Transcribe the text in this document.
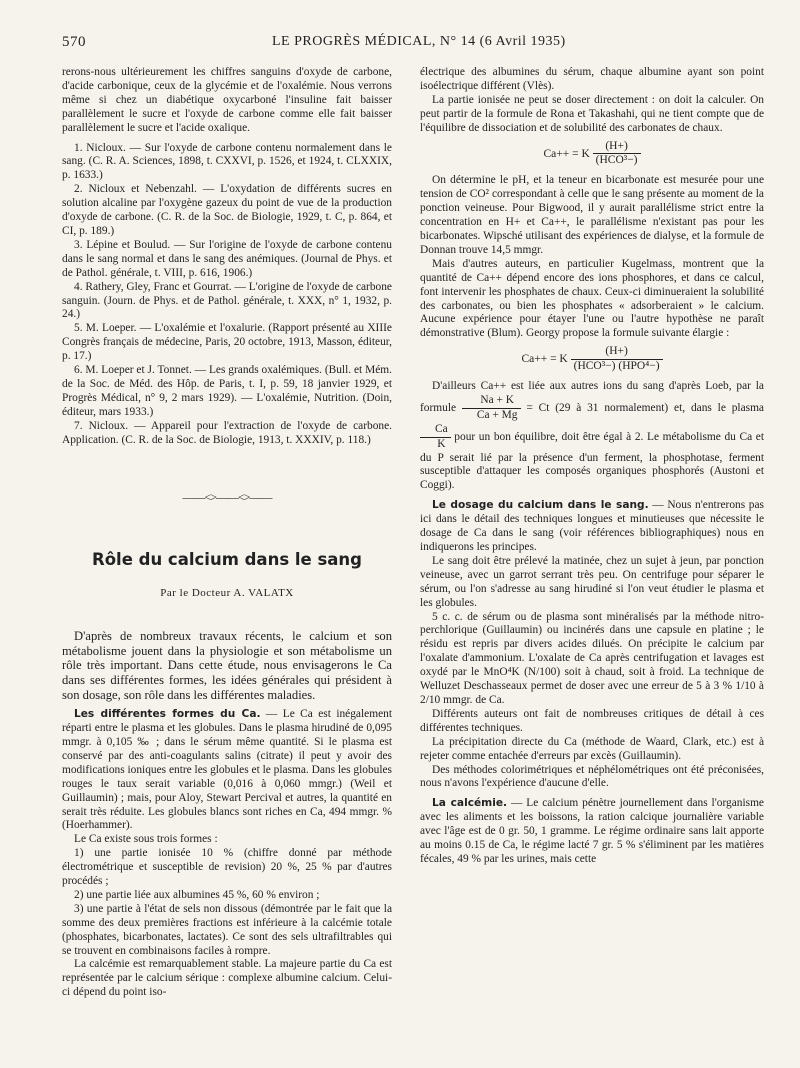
570	LE PROGRÈS MÉDICAL, N° 14 (6 Avril 1935)

rerons-nous ultérieurement les chiffres sanguins d'oxyde de carbone, d'acide carbonique, ceux de la glycémie et de l'oxalémie. Nous verrons même si chez un diabétique oxycarboné l'insuline fait baisser parallèlement le sucre et l'oxyde de carbone comme elle fait baisser parallèlement le sucre et l'acide oxalique.

1. Nicloux. — Sur l'oxyde de carbone contenu normalement dans le sang. (C. R. A. Sciences, 1898, t. CXXVI, p. 1526, et 1924, t. CLXXIX, p. 1633.)

2. Nicloux et Nebenzahl. — L'oxydation de différents sucres en solution alcaline par l'oxygène gazeux du point de vue de la production d'oxyde de carbone. (C. R. de la Soc. de Biologie, 1929, t. C, p. 864, et CI, p. 189.)

3. Lépine et Boulud. — Sur l'origine de l'oxyde de carbone contenu dans le sang normal et dans le sang des anémiques. (Journal de Phys. et de Pathol. générale, t. VIII, p. 616, 1906.)

4. Rathery, Gley, Franc et Gourrat. — L'origine de l'oxyde de carbone sanguin. (Journ. de Phys. et de Pathol. générale, t. XXX, n° 1, 1932, p. 24.)

5. M. Loeper. — L'oxalémie et l'oxalurie. (Rapport présenté au XIIIe Congrès français de médecine, Paris, 20 octobre, 1913, Masson, éditeur, p. 17.)

6. M. Loeper et J. Tonnet. — Les grands oxalémiques. (Bull. et Mém. de la Soc. de Méd. des Hôp. de Paris, t. I, p. 59, 18 janvier 1929, et Progrès Médical, n° 9, 2 mars 1929). — L'oxalémie, Nutrition. (Doin, éditeur, mars 1933.)

7. Nicloux. — Appareil pour l'extraction de l'oxyde de carbone. Application. (C. R. de la Soc. de Biologie, 1913, t. XXXIV, p. 118.)

——<>——<>——
Rôle du calcium dans le sang
Par le Docteur A. VALATX

D'après de nombreux travaux récents, le calcium et son métabolisme jouent dans la physiologie et son métabolisme un rôle très important. Dans cette étude, nous envisagerons le Ca dans ses différentes formes, les idées générales qui président à son dosage, son rôle dans les différentes maladies.

Les différentes formes du Ca. — Le Ca est inégalement réparti entre le plasma et les globules. Dans le plasma hirudiné de 0,095 mmgr. à 0,105 ‰ ; dans le sérum même quantité. Si le plasma est conservé par des anti-coagulants salins (citrate) il peut y avoir des modifications ioniques entre les globules et le plasma. Dans les globules rouges le taux serait variable (0,016 à 0,060 mmgr.) (Weil et Guillaumin) ; mais, pour Aloy, Stewart Percival et autres, la quantité en serait très réduite. Les globules blancs sont riches en Ca, 494 mmgr. % (Hoerhammer).

Le Ca existe sous trois formes :

1) une partie ionisée 10 % (chiffre donné par méthode électrométrique et susceptible de revision) 20 %, 25 % par d'autres procédés ;

2) une partie liée aux albumines 45 %, 60 % environ ;

3) une partie à l'état de sels non dissous (démontrée par le fait que la somme des deux premières fractions est inférieure à la calcémie totale (phosphates, bicarbonates, lactates). Ce sont des sels ultrafiltrables qui se trouvent en combinaisons faciles à rompre.

La calcémie est remarquablement stable. La majeure partie du Ca est représentée par le calcium sérique : complexe albumine calcium. Celui-ci dépend du point iso-

électrique des albumines du sérum, chaque albumine ayant son point isoélectrique différent (Vlès).

La partie ionisée ne peut se doser directement : on doit la calculer. On peut partir de la formule de Rona et Takashahi, qui ne tient compte que de l'équilibre de dissociation et de solubilité des carbonates de chaux.

Ca++ = K $\frac{(H+)}{\text{(HCO³−)}}$

On détermine le pH, et la teneur en bicarbonate est mesurée pour une tension de CO² correspondant à celle que le sang présente au moment de la ponction veineuse. Pour Bigwood, il y aurait parallélisme strict entre la concentration en H+ et Ca++, le parallélisme n'existant pas pour les bicarbonates. Wipsché utilisant des expériences de dialyse, et la formule de Donnan trouve 14,5 mmgr.

Mais d'autres auteurs, en particulier Kugelmass, montrent que la quantité de Ca++ dépend encore des ions phosphores, et dans ce calcul, font intervenir les phosphates de chaux. Ceux-ci diminueraient la solubilité des carbonates, ou bien les phosphates « adsorberaient » le calcium. Aucune expérience pour étayer l'une ou l'autre hypothèse ne paraît démonstrative (Blum). Georgy propose la formule suivante élargie :

Ca++ = K $\frac{(H+)}{\text{(HCO³−) (HPO⁴−)}}$

D'ailleurs Ca++ est liée aux autres ions du sang d'après Loeb, par la formule $\frac{Na + K}{Ca + Mg} = Ct$ (29 à 31 normalement) et, dans le plasma
$\frac{Ca}{K}$ pour un bon équilibre, doit être égal à 2. Le métabolisme du Ca et du P serait lié par la présence d'un ferment, la phosphotase, ferment susceptible d'attaquer les composés organiques phosphorés (Austoni et Coggi).

Le dosage du calcium dans le sang. — Nous n'entrerons pas ici dans le détail des techniques longues et minutieuses que nécessite le dosage de Ca dans le sang (voir références bibliographiques) nous en indiquerons les principes.

Le sang doit être prélevé la matinée, chez un sujet à jeun, par ponction veineuse, avec un garrot serrant très peu. On centrifuge pour séparer le sérum, ou l'on s'adresse au sang hirudiné si l'on veut étudier le plasma et les globules.

5 c. c. de sérum ou de plasma sont minéralisés par la méthode nitro-perchlorique (Guillaumin) ou incinérés dans une capsule en platine ; le résidu est repris par divers acides dilués. On précipite le calcium par l'oxalate d'ammonium. L'oxalate de Ca après centrifugation et lavages est oxydé par le MnO⁴K (N/100) soit à chaud, soit à froid. La technique de Welluzet Deschasseaux permet de doser avec une erreur de 5 à 3 % 1/10 à 2/10 mmgr. de Ca.

Différents auteurs ont fait de nombreuses critiques de détail à ces différentes techniques.

La précipitation directe du Ca (méthode de Waard, Clark, etc.) est à rejeter comme entachée d'erreurs par excès (Guillaumin).

Des méthodes colorimétriques et néphélométriques ont été préconisées, nous n'avons l'expérience d'aucune d'elle.

La calcémie. — Le calcium pénètre journellement dans l'organisme avec les aliments et les boissons, la ration calcique journalière variable avec l'âge est de 0 gr. 50, 1 gramme. Le régime ordinaire sans lait apporte au moins 0.15 de Ca, le régime lacté 7 gr. 5 % s'éliminent par les matières fécales, 49 % par les urines, mais cette
